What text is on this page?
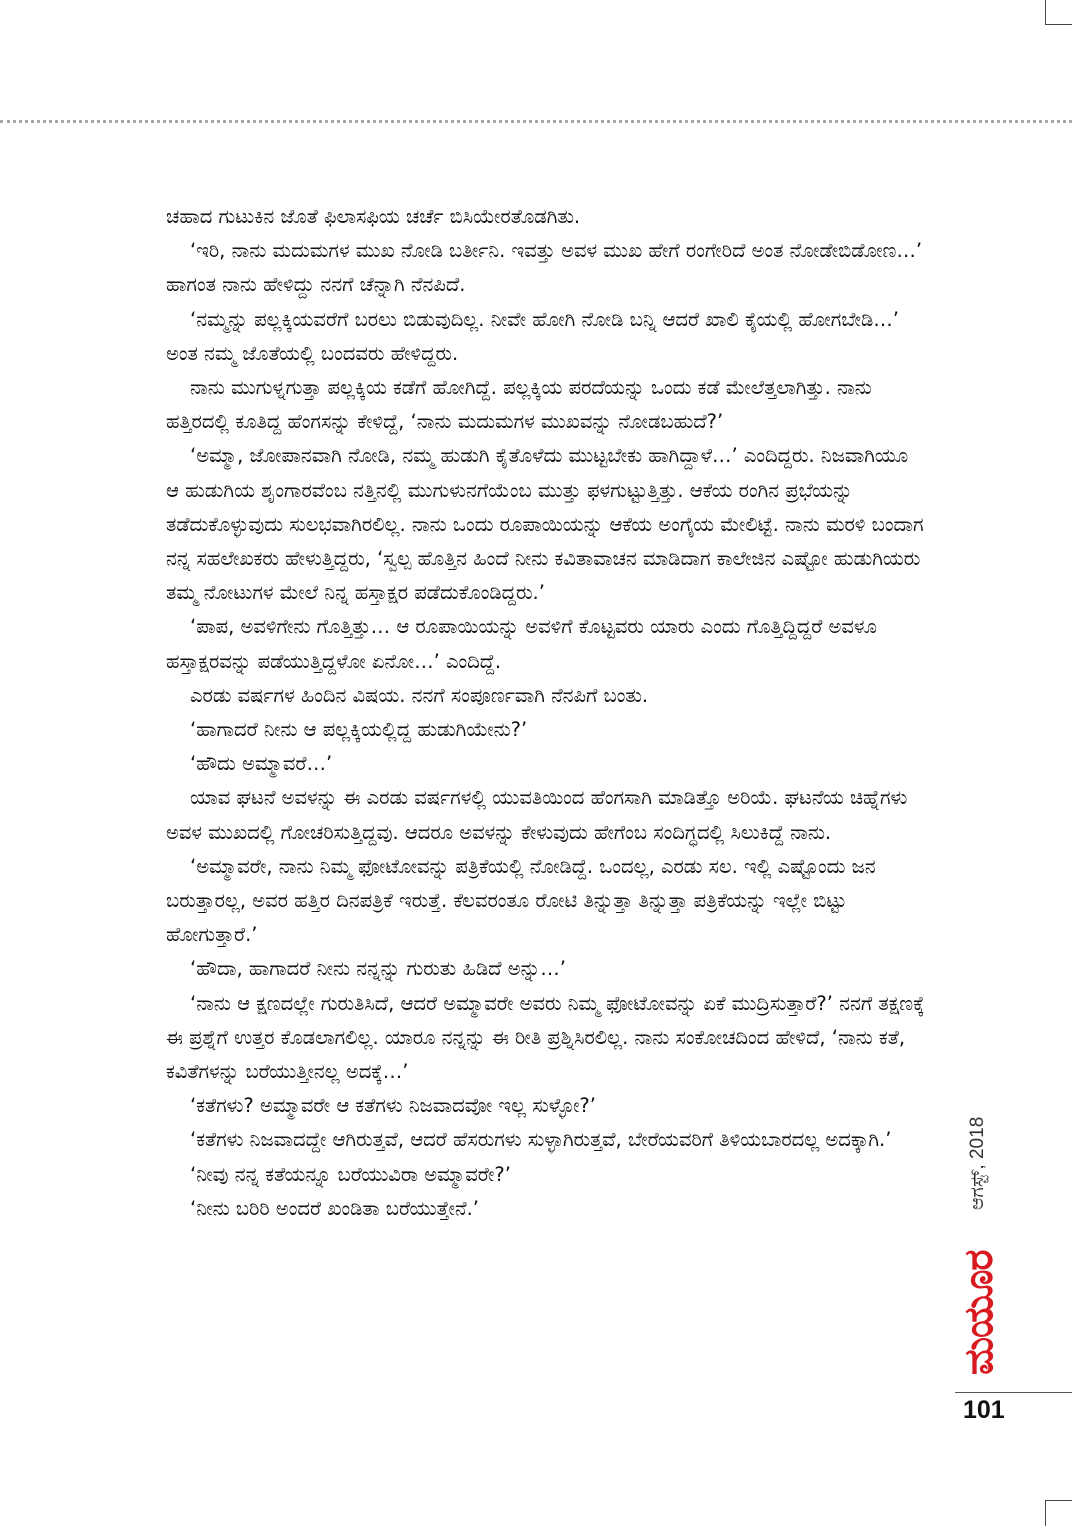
ಚಹಾದ ಗುಟುಕಿನ ಜೊತೆ ಫಿಲಾಸಫಿಯ ಚರ್ಚೆ ಬಿಸಿಯೇರತೊಡಗಿತು.

‘ಇರಿ, ನಾನು ಮದುಮಗಳ ಮುಖ ನೋಡಿ ಬರ್ತೀನಿ. ಇವತ್ತು ಅವಳ ಮುಖ ಹೇಗೆ ರಂಗೇರಿದೆ ಅಂತ ನೋಡೇಬಿಡೋಣ…’ ಹಾಗಂತ ನಾನು ಹೇಳಿದ್ದು ನನಗೆ ಚೆನ್ನಾಗಿ ನೆನಪಿದೆ.

‘ನಮ್ಮನ್ನು ಪಲ್ಲಕ್ಕಿಯವರೆಗೆ ಬರಲು ಬಿಡುವುದಿಲ್ಲ. ನೀವೇ ಹೋಗಿ ನೋಡಿ ಬನ್ನಿ ಆದರೆ ಖಾಲಿ ಕೈಯಲ್ಲಿ ಹೋಗಬೇಡಿ…’ ಅಂತ ನಮ್ಮ ಜೊತೆಯಲ್ಲಿ ಬಂದವರು ಹೇಳಿದ್ದರು.

ನಾನು ಮುಗುಳ್ನಗುತ್ತಾ ಪಲ್ಲಕ್ಕಿಯ ಕಡೆಗೆ ಹೋಗಿದ್ದೆ. ಪಲ್ಲಕ್ಕಿಯ ಪರದೆಯನ್ನು ಒಂದು ಕಡೆ ಮೇಲೆತ್ತಲಾಗಿತ್ತು. ನಾನು ಹತ್ತಿರದಲ್ಲಿ ಕೂತಿದ್ದ ಹೆಂಗಸನ್ನು ಕೇಳಿದ್ದೆ, ‘ನಾನು ಮದುಮಗಳ ಮುಖವನ್ನು ನೋಡಬಹುದೆ?’

‘ಅಮ್ಮಾ, ಜೋಪಾನವಾಗಿ ನೋಡಿ, ನಮ್ಮ ಹುಡುಗಿ ಕೈತೊಳೆದು ಮುಟ್ಟಬೇಕು ಹಾಗಿದ್ದಾಳೆ…’ ಎಂದಿದ್ದರು. ನಿಜವಾಗಿಯೂ ಆ ಹುಡುಗಿಯ ಶೃಂಗಾರವೆಂಬ ನತ್ತಿನಲ್ಲಿ ಮುಗುಳುನಗೆಯೆಂಬ ಮುತ್ತು ಫಳಗುಟ್ಟುತ್ತಿತ್ತು. ಆಕೆಯ ರಂಗಿನ ಪ್ರಭೆಯನ್ನು ತಡೆದುಕೊಳ್ಳುವುದು ಸುಲಭವಾಗಿರಲಿಲ್ಲ. ನಾನು ಒಂದು ರೂಪಾಯಿಯನ್ನು ಆಕೆಯ ಅಂಗೈಯ ಮೇಲಿಟ್ಟೆ. ನಾನು ಮರಳಿ ಬಂದಾಗ ನನ್ನ ಸಹಲೇಖಕರು ಹೇಳುತ್ತಿದ್ದರು, ‘ಸ್ವಲ್ಪ ಹೊತ್ತಿನ ಹಿಂದೆ ನೀನು ಕವಿತಾವಾಚನ ಮಾಡಿದಾಗ ಕಾಲೇಜಿನ ಎಷ್ಟೋ ಹುಡುಗಿಯರು ತಮ್ಮ ನೋಟುಗಳ ಮೇಲೆ ನಿನ್ನ ಹಸ್ತಾಕ್ಷರ ಪಡೆದುಕೊಂಡಿದ್ದರು.’

‘ಪಾಪ, ಅವಳಿಗೇನು ಗೊತ್ತಿತ್ತು… ಆ ರೂಪಾಯಿಯನ್ನು ಅವಳಿಗೆ ಕೊಟ್ಟವರು ಯಾರು ಎಂದು ಗೊತ್ತಿದ್ದಿದ್ದರೆ ಅವಳೂ ಹಸ್ತಾಕ್ಷರವನ್ನು ಪಡೆಯುತ್ತಿದ್ದಳೋ ಏನೋ…’ ಎಂದಿದ್ದೆ.

ಎರಡು ವರ್ಷಗಳ ಹಿಂದಿನ ವಿಷಯ. ನನಗೆ ಸಂಪೂರ್ಣವಾಗಿ ನೆನಪಿಗೆ ಬಂತು.

‘ಹಾಗಾದರೆ ನೀನು ಆ ಪಲ್ಲಕ್ಕಿಯಲ್ಲಿದ್ದ ಹುಡುಗಿಯೇನು?’

‘ಹೌದು ಅಮ್ಮಾವರೆ…’

ಯಾವ ಘಟನೆ ಅವಳನ್ನು ಈ ಎರಡು ವರ್ಷಗಳಲ್ಲಿ ಯುವತಿಯಿಂದ ಹೆಂಗಸಾಗಿ ಮಾಡಿತ್ತೊ ಅರಿಯೆ. ಘಟನೆಯ ಚಿಹ್ನೆಗಳು ಅವಳ ಮುಖದಲ್ಲಿ ಗೋಚರಿಸುತ್ತಿದ್ದವು. ಆದರೂ ಅವಳನ್ನು ಕೇಳುವುದು ಹೇಗೆಂಬ ಸಂದಿಗ್ಧದಲ್ಲಿ ಸಿಲುಕಿದ್ದೆ ನಾನು.

‘ಅಮ್ಮಾವರೇ, ನಾನು ನಿಮ್ಮ ಫೋಟೋವನ್ನು ಪತ್ರಿಕೆಯಲ್ಲಿ ನೋಡಿದ್ದೆ. ಒಂದಲ್ಲ, ಎರಡು ಸಲ. ಇಲ್ಲಿ ಎಷ್ಟೊಂದು ಜನ ಬರುತ್ತಾರಲ್ಲ, ಅವರ ಹತ್ತಿರ ದಿನಪತ್ರಿಕೆ ಇರುತ್ತೆ. ಕೆಲವರಂತೂ ರೋಟಿ ತಿನ್ನುತ್ತಾ ತಿನ್ನುತ್ತಾ ಪತ್ರಿಕೆಯನ್ನು ಇಲ್ಲೇ ಬಿಟ್ಟು ಹೋಗುತ್ತಾರೆ.’

‘ಹೌದಾ, ಹಾಗಾದರೆ ನೀನು ನನ್ನನ್ನು ಗುರುತು ಹಿಡಿದೆ ಅನ್ನು…’

‘ನಾನು ಆ ಕ್ಷಣದಲ್ಲೇ ಗುರುತಿಸಿದೆ, ಆದರೆ ಅಮ್ಮಾವರೇ ಅವರು ನಿಮ್ಮ ಫೋಟೋವನ್ನು ಏಕೆ ಮುದ್ರಿಸುತ್ತಾರೆ?’ ನನಗೆ ತಕ್ಷಣಕ್ಕೆ ಈ ಪ್ರಶ್ನೆಗೆ ಉತ್ತರ ಕೊಡಲಾಗಲಿಲ್ಲ. ಯಾರೂ ನನ್ನನ್ನು ಈ ರೀತಿ ಪ್ರಶ್ನಿಸಿರಲಿಲ್ಲ. ನಾನು ಸಂಕೋಚದಿಂದ ಹೇಳಿದೆ, ‘ನಾನು ಕತೆ, ಕವಿತೆಗಳನ್ನು ಬರೆಯುತ್ತೀನಲ್ಲ ಅದಕ್ಕೆ…’

‘ಕತೆಗಳು? ಅಮ್ಮಾವರೇ ಆ ಕತೆಗಳು ನಿಜವಾದವೋ ಇಲ್ಲ ಸುಳ್ಳೋ?’

‘ಕತೆಗಳು ನಿಜವಾದದ್ದೇ ಆಗಿರುತ್ತವೆ, ಆದರೆ ಹೆಸರುಗಳು ಸುಳ್ಳಾಗಿರುತ್ತವೆ, ಬೇರೆಯವರಿಗೆ ತಿಳಿಯಬಾರದಲ್ಲ ಅದಕ್ಕಾಗಿ.’

‘ನೀವು ನನ್ನ ಕತೆಯನ್ನೂ ಬರೆಯುವಿರಾ ಅಮ್ಮಾವರೇ?’

‘ನೀನು ಬರಿರಿ ಅಂದರೆ ಖಂಡಿತಾ ಬರೆಯುತ್ತೇನೆ.’	ಆಗಸ್ಟ್, 2018
ಮಯೂರ
101
